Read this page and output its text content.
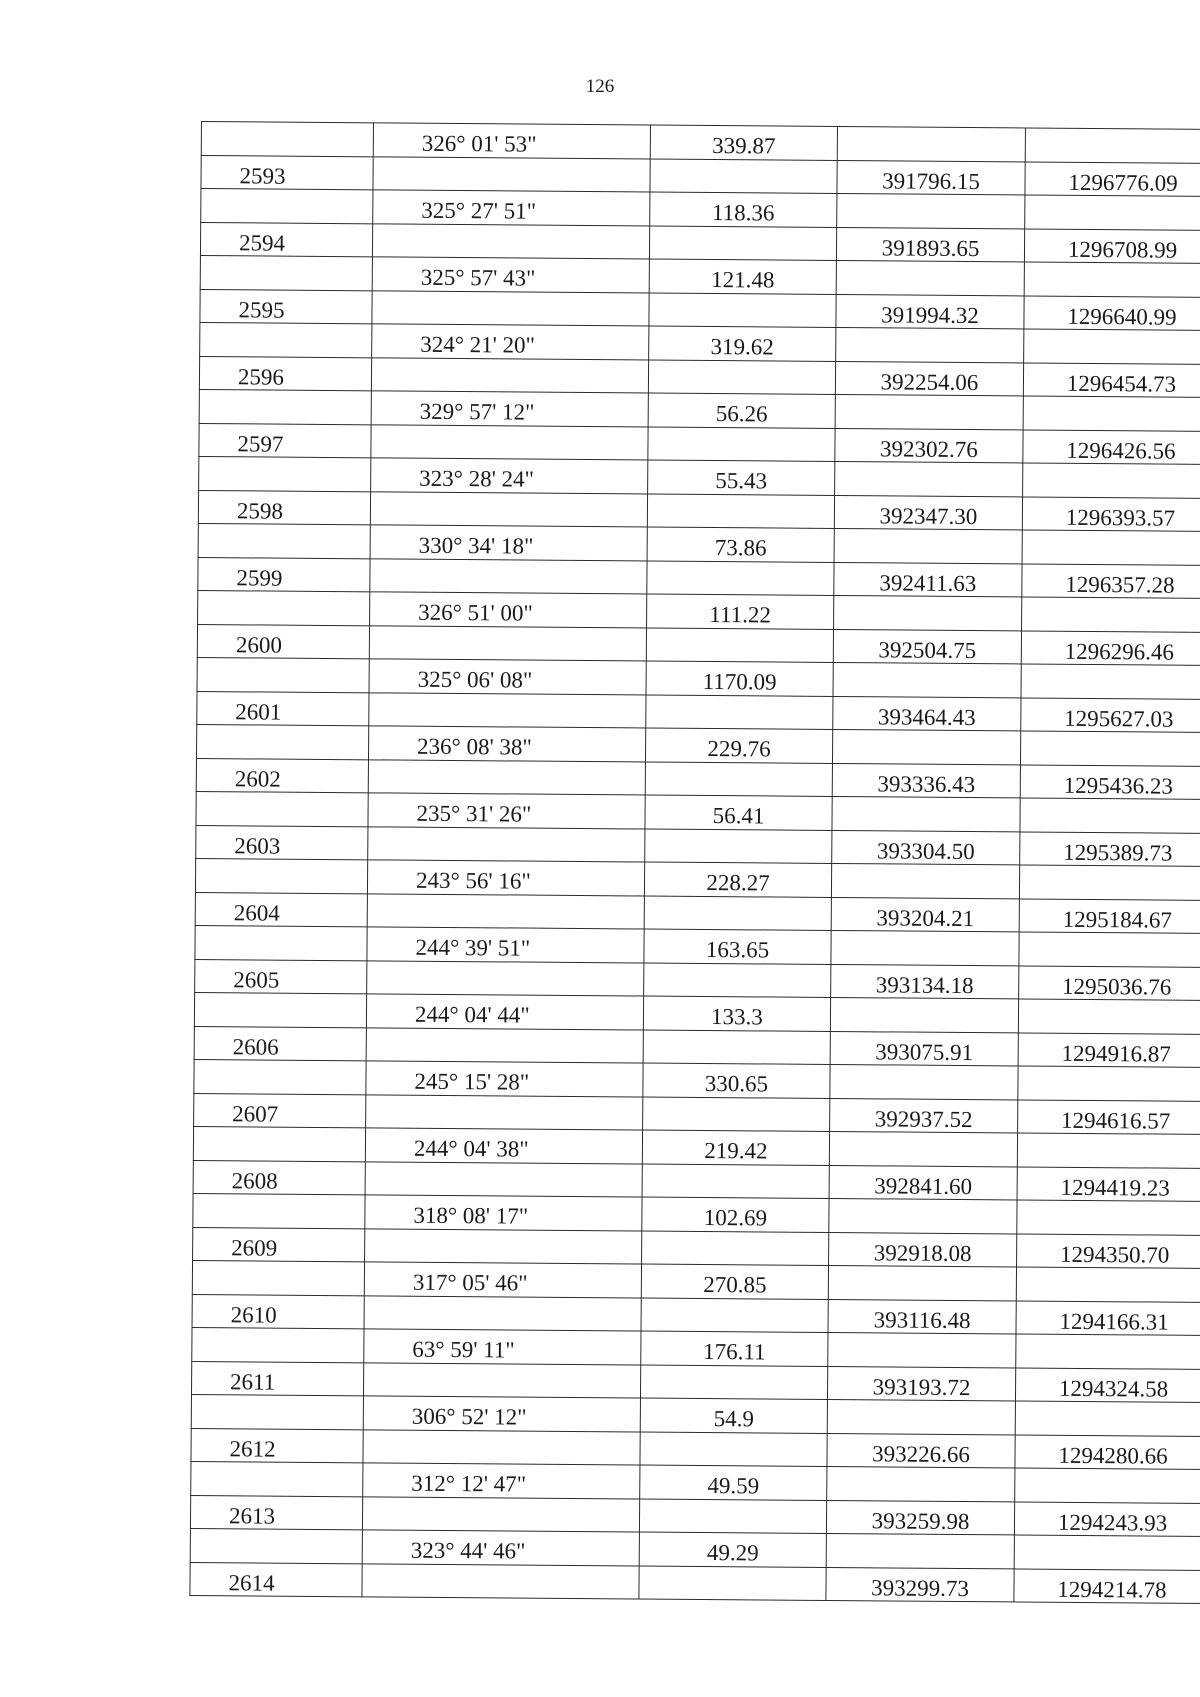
126
	326° 01' 53"	339.87		
2593			391796.15	1296776.09
	325° 27' 51"	118.36		
2594			391893.65	1296708.99
	325° 57' 43"	121.48		
2595			391994.32	1296640.99
	324° 21' 20"	319.62		
2596			392254.06	1296454.73
	329° 57' 12"	56.26		
2597			392302.76	1296426.56
	323° 28' 24"	55.43		
2598			392347.30	1296393.57
	330° 34' 18"	73.86		
2599			392411.63	1296357.28
	326° 51' 00"	111.22		
2600			392504.75	1296296.46
	325° 06' 08"	1170.09		
2601			393464.43	1295627.03
	236° 08' 38"	229.76		
2602			393336.43	1295436.23
	235° 31' 26"	56.41		
2603			393304.50	1295389.73
	243° 56' 16"	228.27		
2604			393204.21	1295184.67
	244° 39' 51"	163.65		
2605			393134.18	1295036.76
	244° 04' 44"	133.3		
2606			393075.91	1294916.87
	245° 15' 28"	330.65		
2607			392937.52	1294616.57
	244° 04' 38"	219.42		
2608			392841.60	1294419.23
	318° 08' 17"	102.69		
2609			392918.08	1294350.70
	317° 05' 46"	270.85		
2610			393116.48	1294166.31
	63° 59' 11"	176.11		
2611			393193.72	1294324.58
	306° 52' 12"	54.9		
2612			393226.66	1294280.66
	312° 12' 47"	49.59		
2613			393259.98	1294243.93
	323° 44' 46"	49.29		
2614			393299.73	1294214.78
